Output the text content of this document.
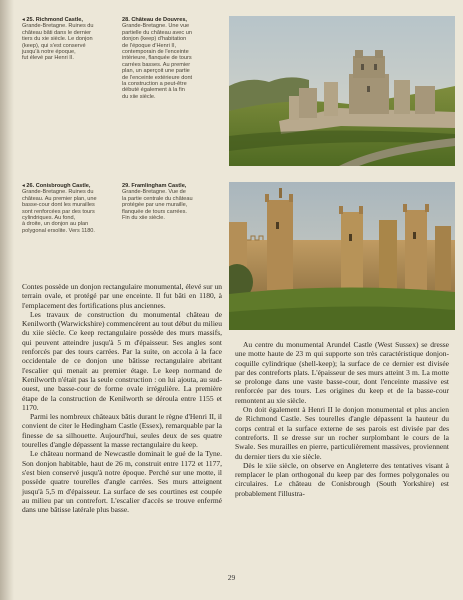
◂ 25. Richmond Castle,
Grande-Bretagne. Ruines du
château bâti dans le dernier
tiers du xie siècle. Le donjon
(keep), qui s'est conservé
jusqu'à notre époque,
fut élevé par Henri II.
28. Château de Douvres,
Grande-Bretagne. Une vue
partielle du château avec un
donjon (keep) d'habitation
de l'époque d'Henri II,
contemporain de l'enceinte
intérieure, flanquée de tours
carrées basses. Au premier
plan, un aperçoit une partie
de l'enceinte extérieure dont
la construction a peut-être
débuté également à la fin
du xiie siècle.
◂ 26. Conisbrough Castle,
Grande-Bretagne. Ruines du
château. Au premier plan, une
basse-cour dont les murailles
sont renforcées par des tours
cylindriques. Au fond,
à droite, un donjon au plan
polygonal ersolite. Vers 1180.
29. Framlingham Castle,
Grande-Bretagne. Vue de
la partie centrale du château
protégée par une muraille,
flanquée de tours carrées.
Fin du xiie siècle.

Contes possède un donjon rectangulaire monumental, élevé sur un terrain ovale, et protégé par une enceinte. Il fut bâti en 1180, à l'emplacement des fortifications plus anciennes.

Les travaux de construction du monumental château de Kenilworth (Warwickshire) commencèrent au tout début du milieu du xiie siècle. Ce keep rectangulaire possède des murs massifs, qui peuvent atteindre jusqu'à 5 m d'épaisseur. Ses angles sont renforcés par des tours carrées. Par la suite, on accola à la face occidentale de ce donjon une bâtisse rectangulaire abritant l'escalier qui menait au premier étage. Le keep normand de Kenilworth n'était pas la seule construction : on lui ajouta, au sud-ouest, une basse-cour de forme ovale irrégulière. La première étape de la construction de Kenilworth se déroula entre 1155 et 1170.

Parmi les nombreux châteaux bâtis durant le règne d'Henri II, il convient de citer le Hedingham Castle (Essex), remarquable par la finesse de sa silhouette. Aujourd'hui, seules deux de ses quatre tourelles d'angle dépassent la masse rectangulaire du keep.

Le château normand de Newcastle dominait le gué de la Tyne. Son donjon habitable, haut de 26 m, construit entre 1172 et 1177, s'est bien conservé jusqu'à notre époque. Perché sur une motte, il possède quatre tourelles d'angle carrées. Ses murs atteignent jusqu'à 5,5 m d'épaisseur. La surface de ses courtines est coupée au milieu par un contrefort. L'escalier d'accès se trouve enfermé dans une bâtisse latérale plus basse.

Au centre du monumental Arundel Castle (West Sussex) se dresse une motte haute de 23 m qui supporte son très caractéristique donjon-coquille cylindrique (shell-keep); la surface de ce dernier est divisée par des contreforts plats. L'épaisseur de ses murs atteint 3 m. La motte se prolonge dans une vaste basse-cour, dont l'enceinte massive est renforcée par des tours. Les origines du keep et de la basse-cour remontent au xie siècle.

On doit également à Henri II le donjon monumental et plus ancien de Richmond Castle. Ses tourelles d'angle dépassent la hauteur du corps central et la surface externe de ses parois est divisée par des contreforts. Il se dresse sur un rocher surplombant le cours de la Swale. Ses murailles en pierre, particulièrement massives, proviennent du dernier tiers du xie siècle.

Dès le xiie siècle, on observe en Angleterre des tentatives visant à remplacer le plan orthogonal du keep par des formes polygonales ou circulaires. Le château de Conisbrough (South Yorkshire) est probablement l'illustra-

29
